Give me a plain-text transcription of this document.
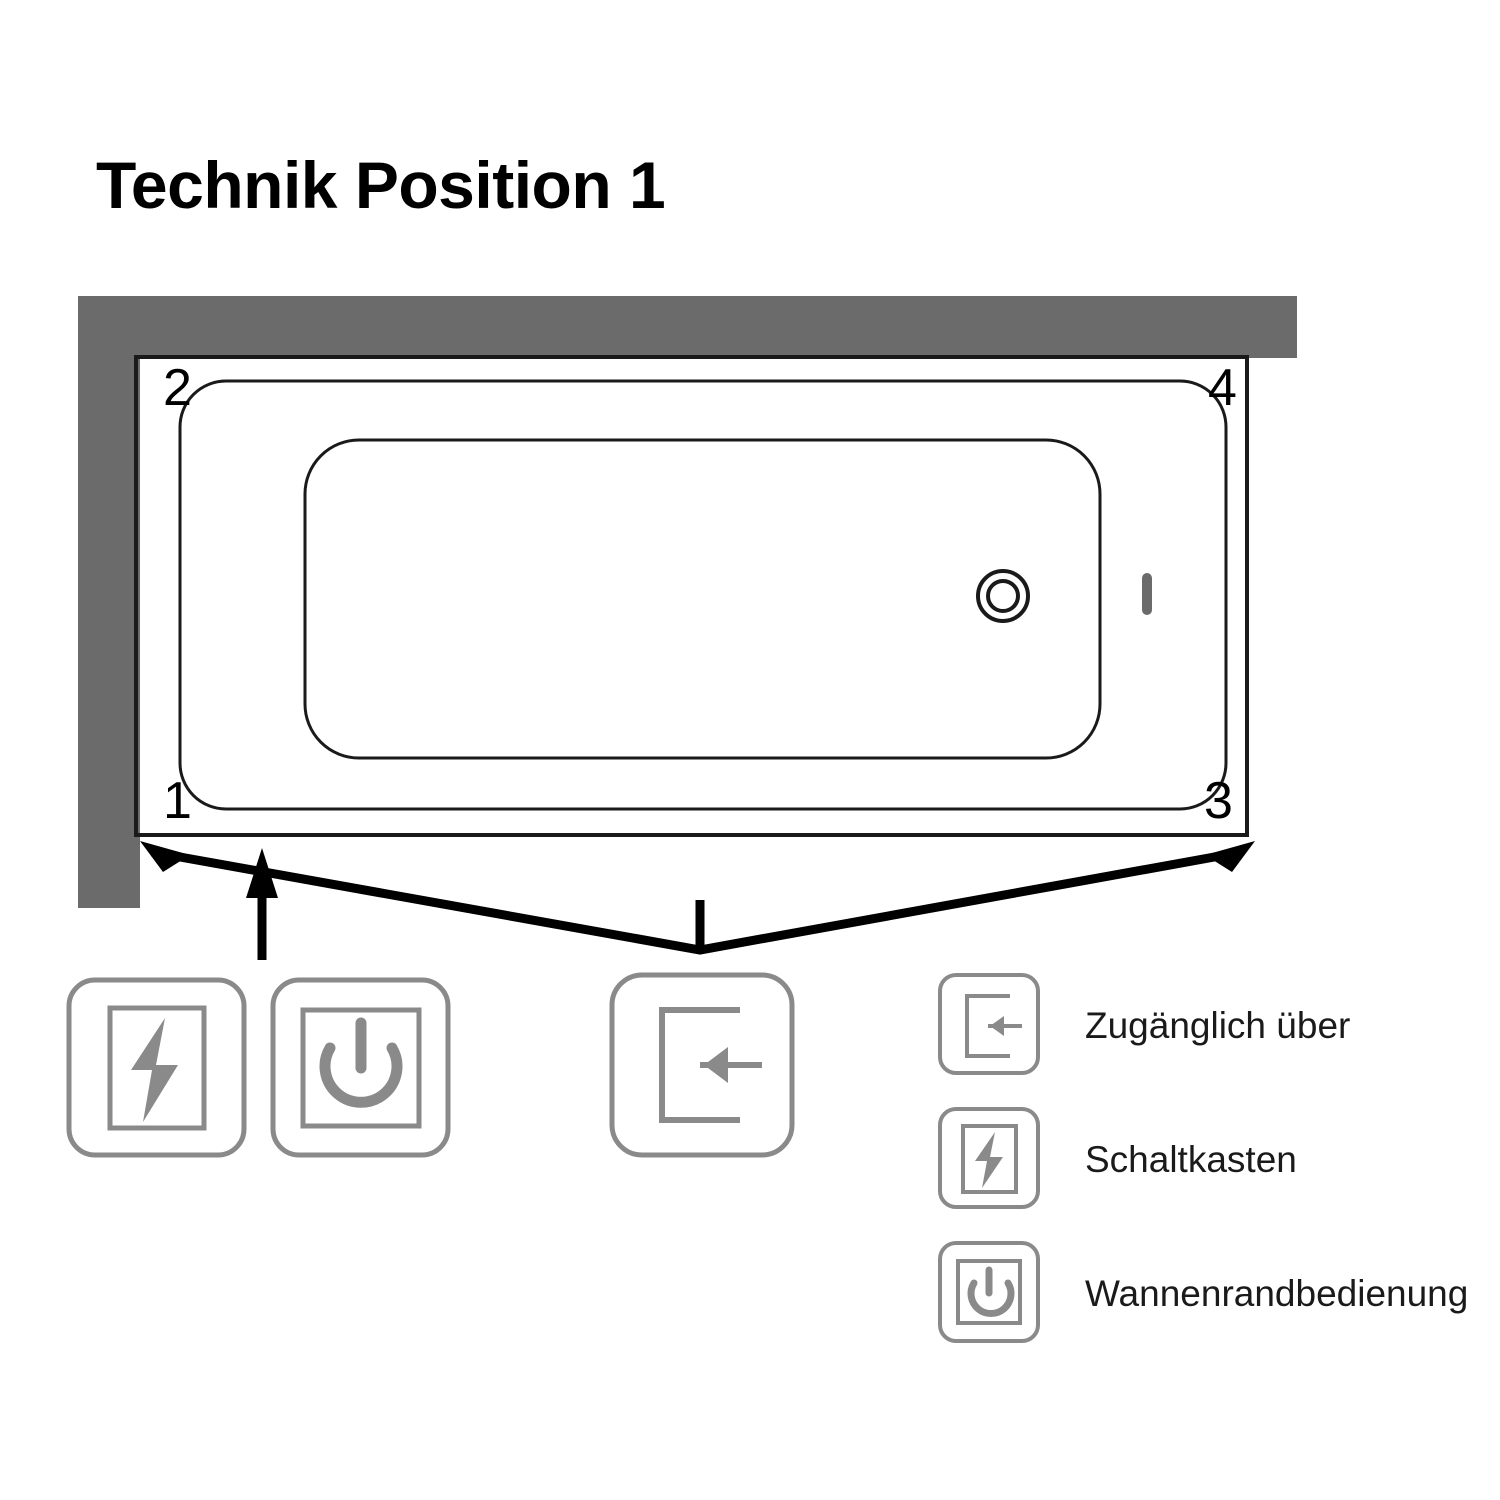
Technik Position 1
2	4
1	3
Zugänglich über
Schaltkasten
Wannenrandbedienung
